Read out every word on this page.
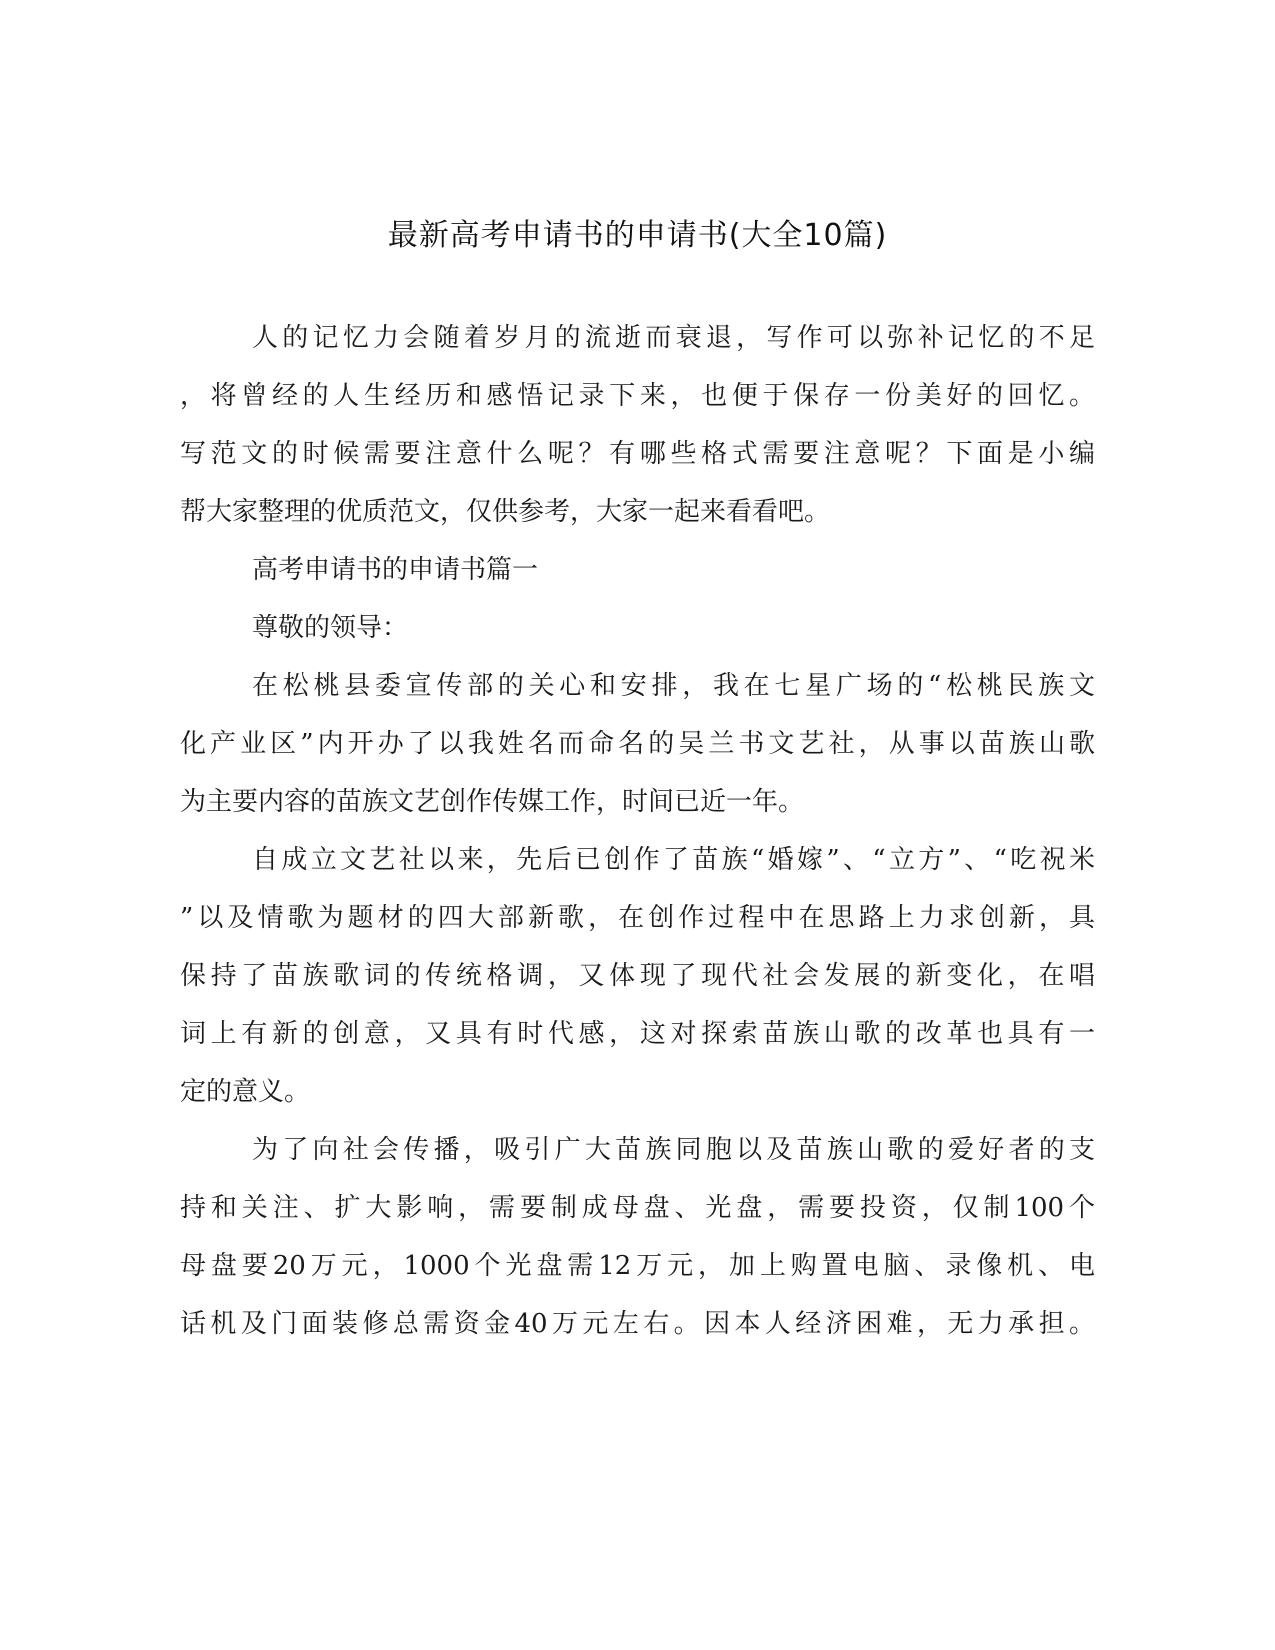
最新高考申请书的申请书(大全10篇)
人的记忆力会随着岁月的流逝而衰退，写作可以弥补记忆的不足
，将曾经的人生经历和感悟记录下来，也便于保存一份美好的回忆。
写范文的时候需要注意什么呢？有哪些格式需要注意呢？下面是小编
帮大家整理的优质范文，仅供参考，大家一起来看看吧。
高考申请书的申请书篇一
尊敬的领导：
在松桃县委宣传部的关心和安排，我在七星广场的“松桃民族文
化产业区”内开办了以我姓名而命名的吴兰书文艺社，从事以苗族山歌
为主要内容的苗族文艺创作传媒工作，时间已近一年。
自成立文艺社以来，先后已创作了苗族“婚嫁”、“立方”、“吃祝米
”以及情歌为题材的四大部新歌，在创作过程中在思路上力求创新，具
保持了苗族歌词的传统格调，又体现了现代社会发展的新变化，在唱
词上有新的创意，又具有时代感，这对探索苗族山歌的改革也具有一
定的意义。
为了向社会传播，吸引广大苗族同胞以及苗族山歌的爱好者的支
持和关注、扩大影响，需要制成母盘、光盘，需要投资，仅制100个
母盘要20万元，1000个光盘需12万元，加上购置电脑、录像机、电
话机及门面装修总需资金40万元左右。因本人经济困难，无力承担。
